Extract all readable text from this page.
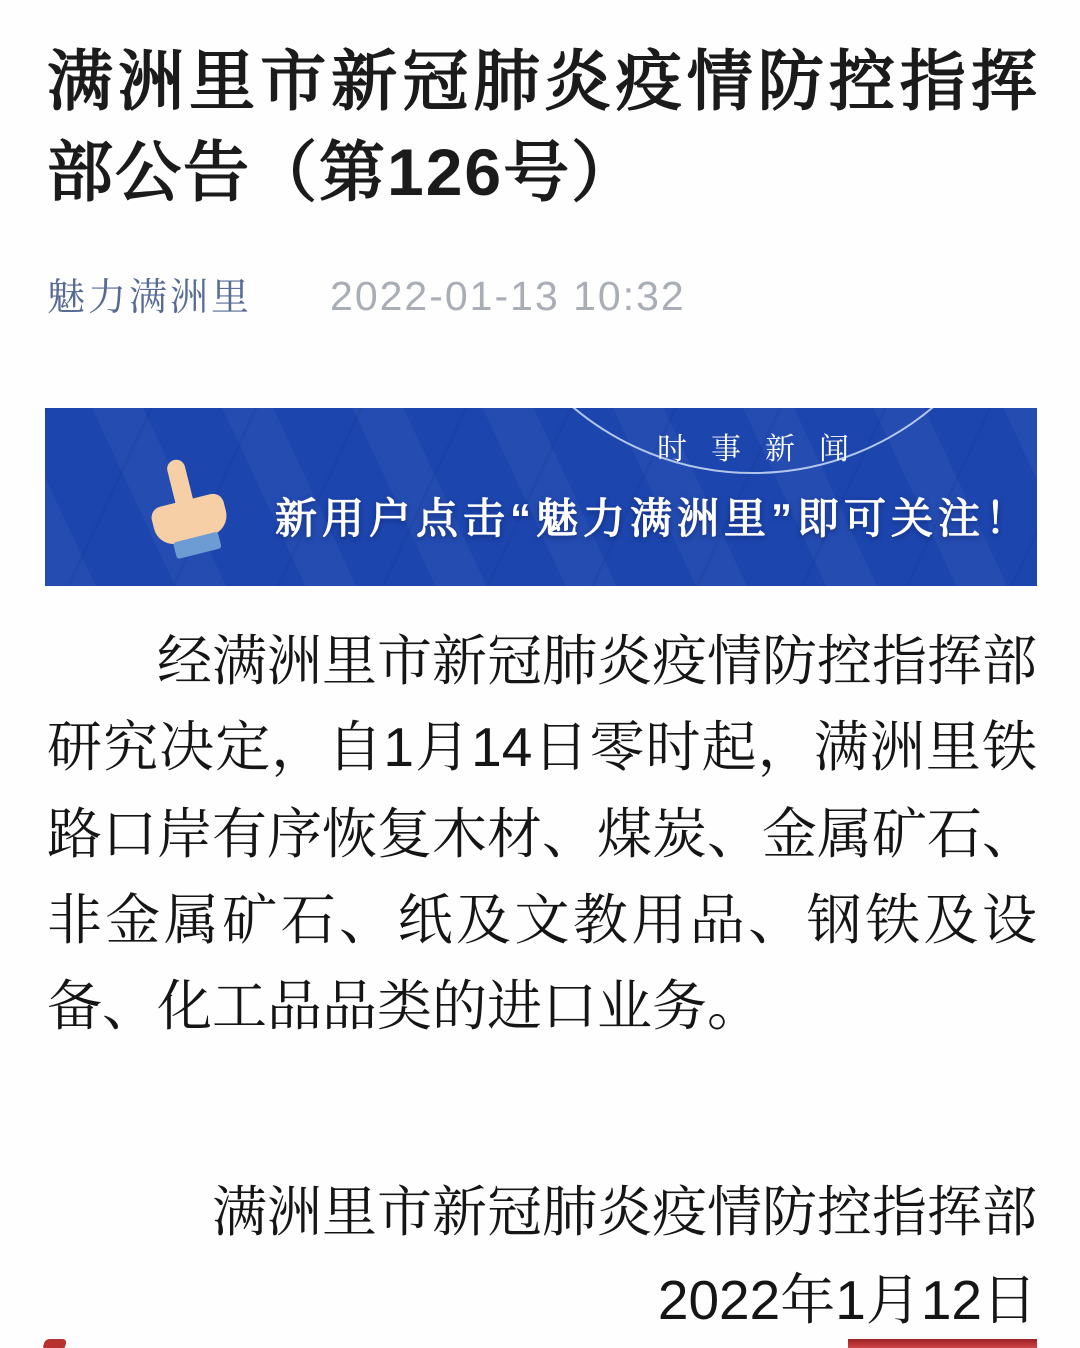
满洲里市新冠肺炎疫情防控指挥部公告（第126号）
魅力满洲里 2022-01-13 10:32
时事新闻
新用户点击“魅力满洲里”即可关注！

经满洲里市新冠肺炎疫情防控指挥部研究决定，自1月14日零时起，满洲里铁路口岸有序恢复木材、煤炭、金属矿石、非金属矿石、纸及文教用品、钢铁及设备、化工品品类的进口业务。

满洲里市新冠肺炎疫情防控指挥部
2022年1月12日
